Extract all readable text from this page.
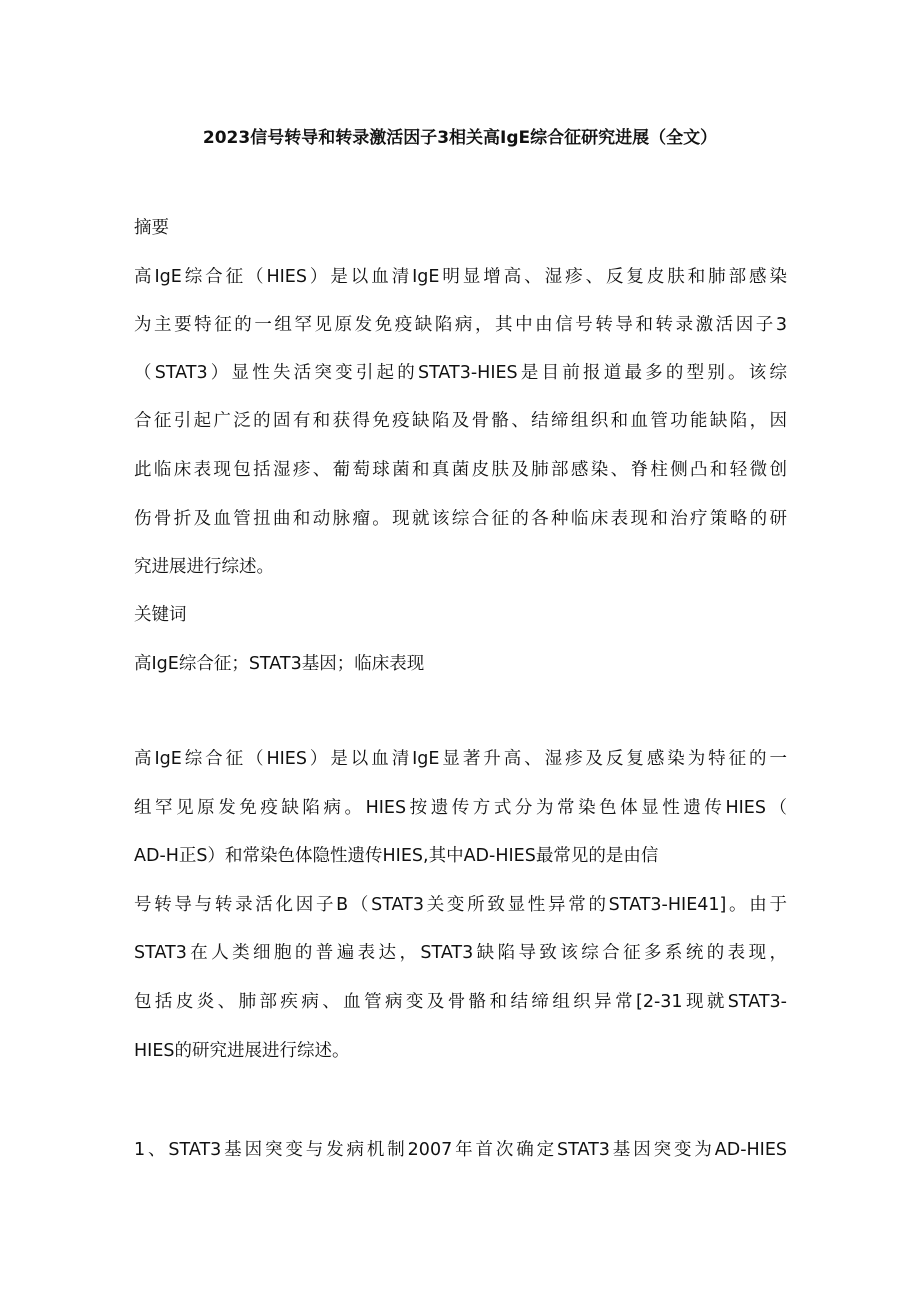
2023信号转导和转录激活因子3相关高IgE综合征研究进展（全文）
摘要
高IgE综合征（HIES）是以血清IgE明显增高、湿疹、反复皮肤和肺部感染
为主要特征的一组罕见原发免疫缺陷病，其中由信号转导和转录激活因子3
（STAT3）显性失活突变引起的STAT3-HIES是目前报道最多的型别。该综
合征引起广泛的固有和获得免疫缺陷及骨骼、结缔组织和血管功能缺陷，因
此临床表现包括湿疹、葡萄球菌和真菌皮肤及肺部感染、脊柱侧凸和轻微创
伤骨折及血管扭曲和动脉瘤。现就该综合征的各种临床表现和治疗策略的研
究进展进行综述。
关键词
高IgE综合征；STAT3基因；临床表现
高IgE综合征（HIES）是以血清IgE显著升高、湿疹及反复感染为特征的一
组罕见原发免疫缺陷病。HIES按遗传方式分为常染色体显性遗传HIES（
AD-H正S）和常染色体隐性遗传HIES,其中AD-HIES最常见的是由信
号转导与转录活化因子B（STAT3关变所致显性异常的STAT3-HIE41]。由于
STAT3在人类细胞的普遍表达，STAT3缺陷导致该综合征多系统的表现，
包括皮炎、肺部疾病、血管病变及骨骼和结缔组织异常[2-31现就STAT3-
HIES的研究进展进行综述。
1、STAT3基因突变与发病机制2007年首次确定STAT3基因突变为AD-HIES
